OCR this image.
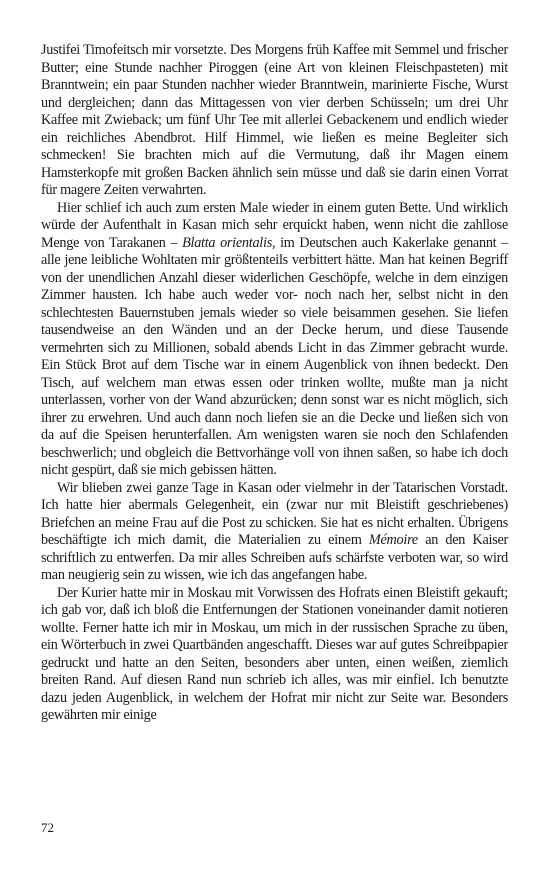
Justifei Timofeitsch mir vorsetzte. Des Morgens früh Kaffee mit Semmel und frischer Butter; eine Stunde nachher Piroggen (eine Art von kleinen Fleischpasteten) mit Branntwein; ein paar Stunden nachher wieder Branntwein, marinierte Fische, Wurst und dergleichen; dann das Mittagessen von vier derben Schüsseln; um drei Uhr Kaffee mit Zwieback; um fünf Uhr Tee mit allerlei Gebackenem und endlich wieder ein reichliches Abendbrot. Hilf Himmel, wie ließen es meine Begleiter sich schmecken! Sie brachten mich auf die Vermutung, daß ihr Magen einem Hamsterkopfe mit großen Backen ähnlich sein müsse und daß sie darin einen Vorrat für magere Zeiten verwahrten.

Hier schlief ich auch zum ersten Male wieder in einem guten Bette. Und wirklich würde der Aufenthalt in Kasan mich sehr erquickt haben, wenn nicht die zahllose Menge von Tarakanen – Blatta orientalis, im Deutschen auch Kakerlake genannt – alle jene leibliche Wohltaten mir größtenteils verbittert hätte. Man hat keinen Begriff von der unendlichen Anzahl dieser widerlichen Geschöpfe, welche in dem einzigen Zimmer hausten. Ich habe auch weder vor- noch nach her, selbst nicht in den schlechtesten Bauernstuben jemals wieder so viele beisammen gesehen. Sie liefen tausendweise an den Wänden und an der Decke herum, und diese Tausende vermehrten sich zu Millionen, sobald abends Licht in das Zimmer gebracht wurde. Ein Stück Brot auf dem Tische war in einem Augenblick von ihnen bedeckt. Den Tisch, auf welchem man etwas essen oder trinken wollte, mußte man ja nicht unterlassen, vorher von der Wand abzurücken; denn sonst war es nicht möglich, sich ihrer zu erwehren. Und auch dann noch liefen sie an die Decke und ließen sich von da auf die Speisen herunterfallen. Am wenigsten waren sie noch den Schlafenden beschwerlich; und obgleich die Bettvorhänge voll von ihnen saßen, so habe ich doch nicht gespürt, daß sie mich gebissen hätten.

Wir blieben zwei ganze Tage in Kasan oder vielmehr in der Tatarischen Vorstadt. Ich hatte hier abermals Gelegenheit, ein (zwar nur mit Bleistift geschriebenes) Briefchen an meine Frau auf die Post zu schicken. Sie hat es nicht erhalten. Übrigens beschäftigte ich mich damit, die Materialien zu einem Mémoire an den Kaiser schriftlich zu entwerfen. Da mir alles Schreiben aufs schärfste verboten war, so wird man neugierig sein zu wissen, wie ich das angefangen habe.

Der Kurier hatte mir in Moskau mit Vorwissen des Hofrats einen Bleistift gekauft; ich gab vor, daß ich bloß die Entfernungen der Stationen voneinander damit notieren wollte. Ferner hatte ich mir in Moskau, um mich in der russischen Sprache zu üben, ein Wörterbuch in zwei Quartbänden angeschafft. Dieses war auf gutes Schreibpapier gedruckt und hatte an den Seiten, besonders aber unten, einen weißen, ziemlich breiten Rand. Auf diesen Rand nun schrieb ich alles, was mir einfiel. Ich benutzte dazu jeden Augenblick, in welchem der Hofrat mir nicht zur Seite war. Besonders gewährten mir einige

72
